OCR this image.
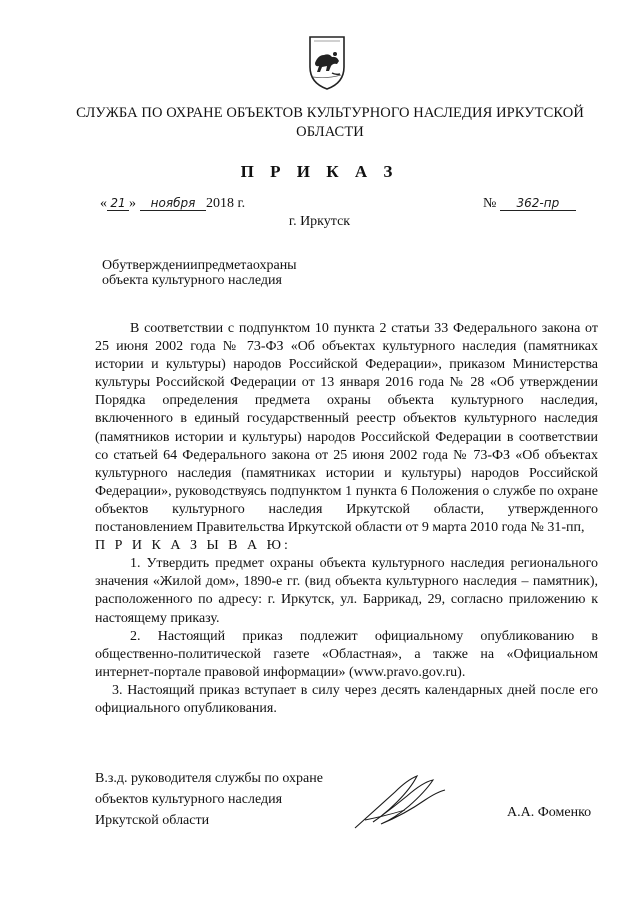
СЛУЖБА ПО ОХРАНЕ ОБЪЕКТОВ КУЛЬТУРНОГО НАСЛЕДИЯ ИРКУТСКОЙ ОБЛАСТИ
П Р И К А З
« 21 » ноября 2018 г.	№ 362-пр
г. Иркутск
Об утверждении предмета охраны
объекта культурного наследия

В соответствии с подпунктом 10 пункта 2 статьи 33 Федерального закона от 25 июня 2002 года № 73-ФЗ «Об объектах культурного наследия (памятниках истории и культуры) народов Российской Федерации», приказом Министерства культуры Российской Федерации от 13 января 2016 года № 28 «Об утверждении Порядка определения предмета охраны объекта культурного наследия, включенного в единый государственный реестр объектов культурного наследия (памятников истории и культуры) народов Российской Федерации в соответствии со статьей 64 Федерального закона от 25 июня 2002 года № 73-ФЗ «Об объектах культурного наследия (памятниках истории и культуры) народов Российской Федерации», руководствуясь подпунктом 1 пункта 6 Положения о службе по охране объектов культурного наследия Иркутской области, утвержденного постановлением Правительства Иркутской области от 9 марта 2010 года № 31-пп,

П Р И К А З Ы В А Ю:

1. Утвердить предмет охраны объекта культурного наследия регионального значения «Жилой дом», 1890-е гг. (вид объекта культурного наследия – памятник), расположенного по адресу: г. Иркутск, ул. Баррикад, 29, согласно приложению к настоящему приказу.

2. Настоящий приказ подлежит официальному опубликованию в общественно-политической газете «Областная», а также на «Официальном интернет-портале правовой информации» (www.pravo.gov.ru).

3. Настоящий приказ вступает в силу через десять календарных дней после его официального опубликования.

В.з.д. руководителя службы по охране
объектов культурного наследия
Иркутской области
А.А. Фоменко
